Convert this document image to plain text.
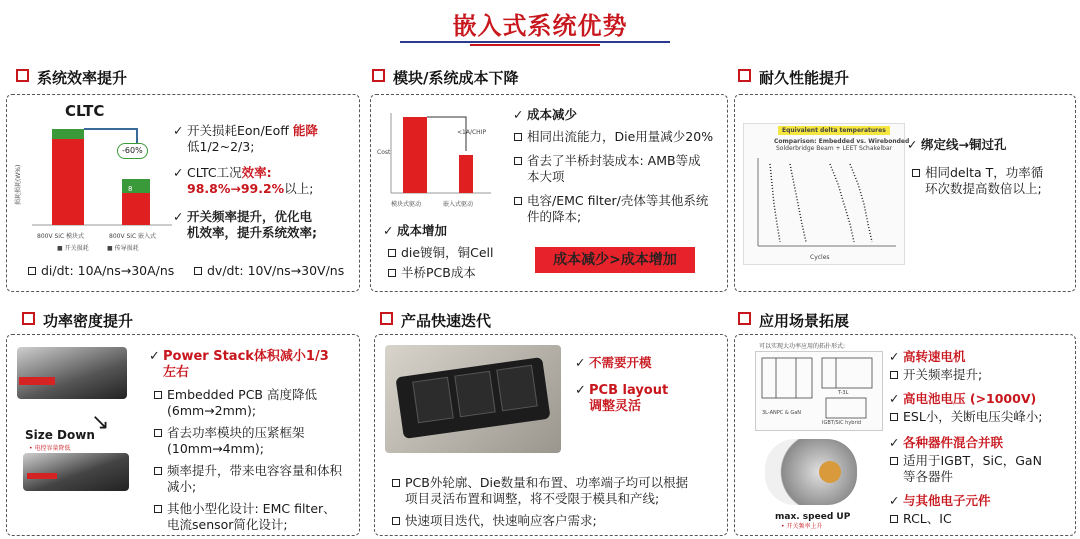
嵌入式系统优势
系统效率提升
CLTC
损耗损耗(W%)
-60%
8
800V SiC 模块式	800V SiC 嵌入式
■ 开关损耗	■ 传导损耗
✓ 开关损耗Eon/Eoff 能降
低1/2~2/3;
✓ CLTC工况效率:
98.8%→99.2%以上;
✓ 开关频率提升，优化电
机效率，提升系统效率;
di/dt: 10A/ns→30A/ns	dv/dt: 10V/ns→30V/ns
模块/系统成本下降
<1A/CHIP
Cost
模块式驱动	嵌入式驱动
✓ 成本减少
相同出流能力，Die用量减少20%
省去了半桥封装成本: AMB等成
本大项
电容/EMC filter/壳体等其他系统
件的降本;
✓ 成本增加
die镀铜，铜Cell
半桥PCB成本
成本减少>成本增加
耐久性能提升
Equivalent delta temperatures
Comparison: Embedded vs. Wirebonded
Solderbridge Beam + LEET Schakelbar
Cycles
✓ 绑定线→铜过孔
相同delta T，功率循
环次数提高数倍以上;
功率密度提升
↘
Size Down
• 电控容量降低
✓ Power Stack体积减小1/3
左右
Embedded PCB 高度降低
(6mm→2mm);
省去功率模块的压紧框架
(10mm→4mm);
频率提升，带来电容容量和体积
减小;
其他小型化设计: EMC filter、
电流sensor简化设计;
产品快速迭代
✓ 不需要开模
✓ PCB layout
调整灵活
PCB外轮廓、Die数量和布置、功率端子均可以根据
项目灵活布置和调整，将不受限于模具和产线;
快速项目迭代，快速响应客户需求;
应用场景拓展
可以实现大功率应用的拓扑形式:
3L-ANPC & GaN
T-3L
IGBT/SiC hybrid
max. speed UP
• 开关频率上升
✓ 高转速电机
开关频率提升;
✓ 高电池电压 (>1000V)
ESL小，关断电压尖峰小;
✓ 各种器件混合并联
适用于IGBT，SiC，GaN
等各器件
✓ 与其他电子元件
RCL、IC
